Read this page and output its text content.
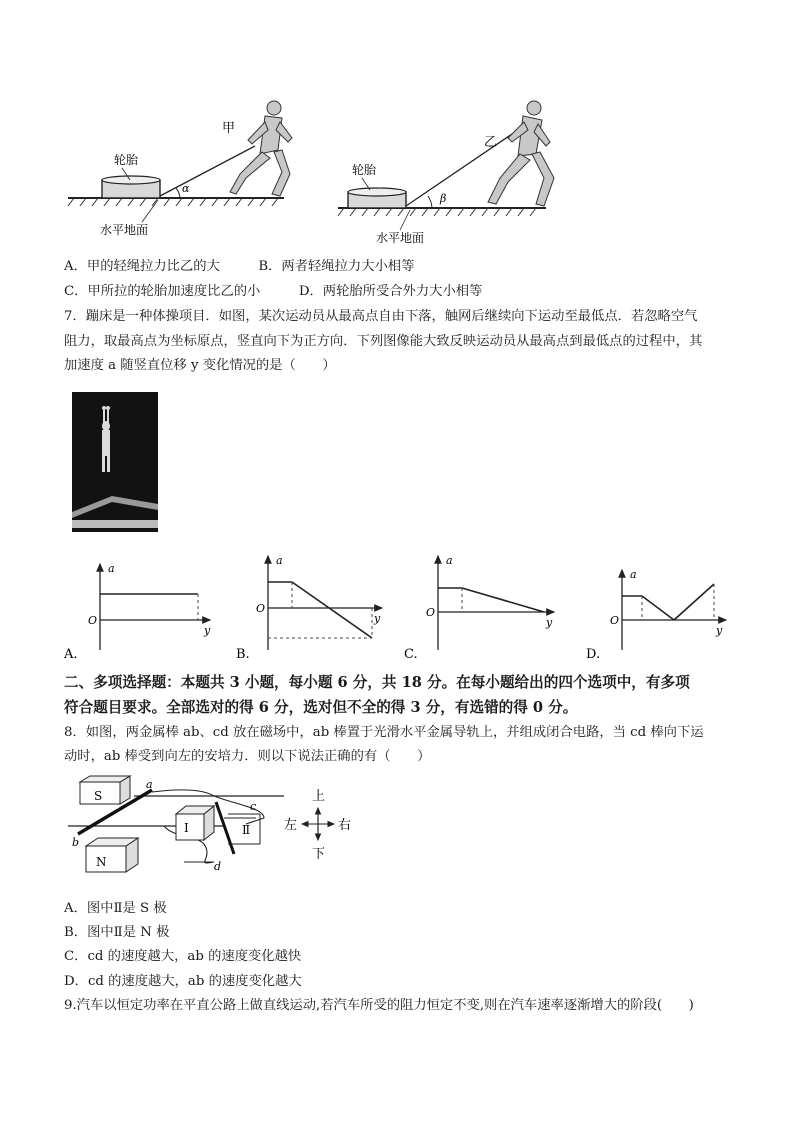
甲
轮胎
α
水平地面
乙
轮胎
β
水平地面
A．甲的轻绳拉力比乙的大	B．两者轻绳拉力大小相等
C．甲所拉的轮胎加速度比乙的小	D．两轮胎所受合外力大小相等
7．蹦床是一种体操项目．如图，某次运动员从最高点自由下落，触网后继续向下运动至最低点．若忽略空气
阻力，取最高点为坐标原点，竖直向下为正方向．下列图像能大致反映运动员从最高点到最低点的过程中，其
加速度 a 随竖直位移 y 变化情况的是（　　）
a
y
O
A.
a
y
O
B.
a
y
O
C.
a
y
O
D.
二、多项选择题：本题共 3 小题，每小题 6 分，共 18 分。在每小题给出的四个选项中，有多项
符合题目要求。全部选对的得 6 分，选对但不全的得 3 分，有选错的得 0 分。
8．如图，两金属棒 ab、cd 放在磁场中，ab 棒置于光滑水平金属导轨上，并组成闭合电路，当 cd 棒向下运
动时，ab 棒受到向左的安培力．则以下说法正确的有（　　）
S
N
a
b
Ⅰ
c
d
Ⅱ
上
下
左	右
A．图中Ⅱ是 S 极
B．图中Ⅱ是 N 极
C．cd 的速度越大，ab 的速度变化越快
D．cd 的速度越大，ab 的速度变化越大
9.汽车以恒定功率在平直公路上做直线运动,若汽车所受的阻力恒定不变,则在汽车速率逐渐增大的阶段(　　)
